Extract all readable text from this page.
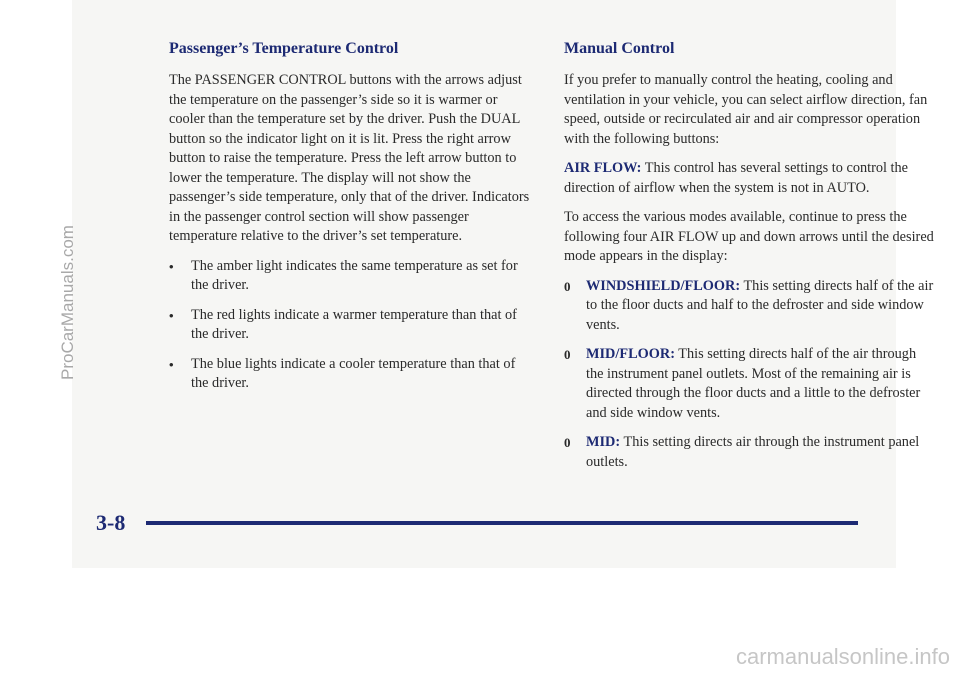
Passenger’s Temperature Control

The PASSENGER CONTROL buttons with the arrows adjust the temperature on the passenger’s side so it is warmer or cooler than the temperature set by the driver. Push the DUAL button so the indicator light on it is lit. Press the right arrow button to raise the temperature. Press the left arrow button to lower the temperature. The display will not show the passenger’s side temperature, only that of the driver. Indicators in the passenger control section will show passenger temperature relative to the driver’s set temperature.

• The amber light indicates the same temperature as set for the driver.
• The red lights indicate a warmer temperature than that of the driver.
• The blue lights indicate a cooler temperature than that of the driver.
Manual Control

If you prefer to manually control the heating, cooling and ventilation in your vehicle, you can select airflow direction, fan speed, outside or recirculated air and air compressor operation with the following buttons:

AIR FLOW: This control has several settings to control the direction of airflow when the system is not in AUTO.

To access the various modes available, continue to press the following four AIR FLOW up and down arrows until the desired mode appears in the display:

0 WINDSHIELD/FLOOR: This setting directs half of the air to the floor ducts and half to the defroster and side window vents.
0 MID/FLOOR: This setting directs half of the air through the instrument panel outlets. Most of the remaining air is directed through the floor ducts and a little to the defroster and side window vents.
0 MID: This setting directs air through the instrument panel outlets.
3-8
ProCarManuals.com
carmanualsonline.info
